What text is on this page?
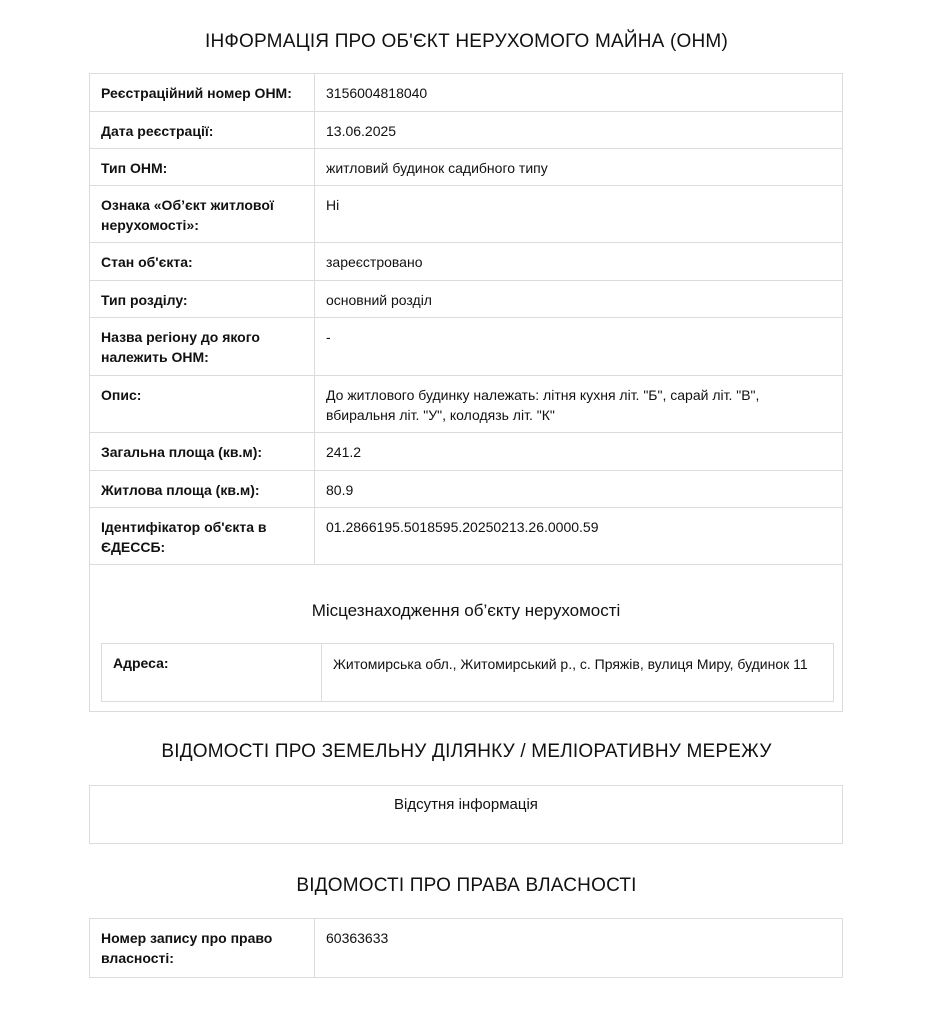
ІНФОРМАЦІЯ ПРО ОБ'ЄКТ НЕРУХОМОГО МАЙНА (ОНМ)
Реєстраційний номер ОНМ:	3156004818040
Дата реєстрації:	13.06.2025
Тип ОНМ:	житловий будинок садибного типу
Ознака «Об’єкт житлової нерухомості»:
Ні
Стан об'єкта:	зареєстровано
Тип розділу:	основний розділ
Назва регіону до якого належить ОНМ:
-
Опис:	До житлового будинку належать: літня кухня літ. "Б", сарай літ. "В", вбиральня літ. "У", колодязь літ. "К"
Загальна площа (кв.м):	241.2
Житлова площа (кв.м):	80.9
Ідентифікатор об'єкта в ЄДЕССБ:
01.2866195.5018595.20250213.26.0000.59
Місцезнаходження об’єкту нерухомості
Адреса:	Житомирська обл., Житомирський р., с. Пряжів, вулиця Миру, будинок 11
ВІДОМОСТІ ПРО ЗЕМЕЛЬНУ ДІЛЯНКУ / МЕЛІОРАТИВНУ МЕРЕЖУ
Відсутня інформація
ВІДОМОСТІ ПРО ПРАВА ВЛАСНОСТІ
Номер запису про право власності:
60363633
